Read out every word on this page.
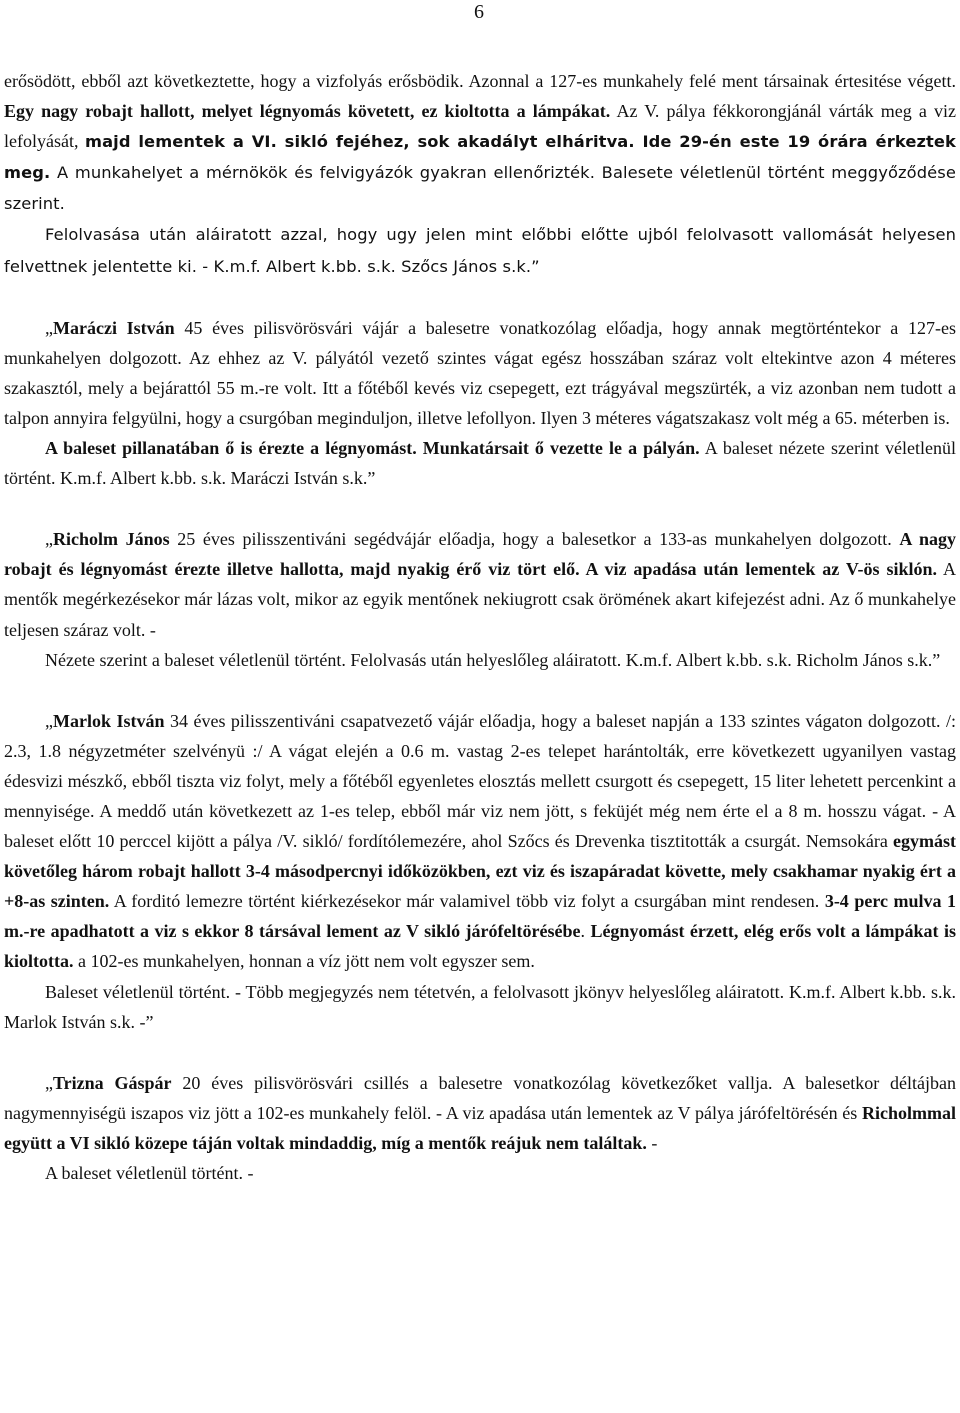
6

erősödött, ebből azt következtette, hogy a vizfolyás erősbödik. Azonnal a 127-es munkahely felé ment társainak értesitése végett. Egy nagy robajt hallott, melyet légnyomás követett, ez kioltotta a lámpákat. Az V. pálya fékkorongjánál várták meg a viz lefolyását, majd lementek a VI. sikló fejéhez, sok akadályt elháritva. Ide 29-én este 19 órára érkeztek meg. A munkahelyet a mérnökök és felvigyázók gyakran ellenőrizték. Balesete véletlenül történt meggyőződése szerint.

Felolvasása után aláiratott azzal, hogy ugy jelen mint előbbi előtte ujból felolvasott vallomását helyesen felvettnek jelentette ki. - K.m.f. Albert k.bb. s.k. Szőcs János s.k.”

„Maráczi István 45 éves pilisvörösvári vájár a balesetre vonatkozólag előadja, hogy annak megtörténtekor a 127-es munkahelyen dolgozott. Az ehhez az V. pályától vezető szintes vágat egész hosszában száraz volt eltekintve azon 4 méteres szakasztól, mely a bejárattól 55 m.-re volt. Itt a főtéből kevés viz csepegett, ezt trágyával megszürték, a viz azonban nem tudott a talpon annyira felgyülni, hogy a csurgóban meginduljon, illetve lefollyon. Ilyen 3 méteres vágatszakasz volt még a 65. méterben is.

A baleset pillanatában ő is érezte a légnyomást. Munkatársait ő vezette le a pályán. A baleset nézete szerint véletlenül történt. K.m.f. Albert k.bb. s.k. Maráczi István s.k.”

„Richolm János 25 éves pilisszentiváni segédvájár előadja, hogy a balesetkor a 133-as munkahelyen dolgozott. A nagy robajt és légnyomást érezte illetve hallotta, majd nyakig érő viz tört elő. A viz apadása után lementek az V-ös siklón. A mentők megérkezésekor már lázas volt, mikor az egyik mentőnek nekiugrott csak örömének akart kifejezést adni. Az ő munkahelye teljesen száraz volt. -

Nézete szerint a baleset véletlenül történt. Felolvasás után helyeslőleg aláiratott. K.m.f. Albert k.bb. s.k. Richolm János s.k.”

„Marlok István 34 éves pilisszentiváni csapatvezető vájár előadja, hogy a baleset napján a 133 szintes vágaton dolgozott. /: 2.3, 1.8 négyzetméter szelvényü :/ A vágat elején a 0.6 m. vastag 2-es telepet harántolták, erre következett ugyanilyen vastag édesvizi mészkő, ebből tiszta viz folyt, mely a főtéből egyenletes elosztás mellett csurgott és csepegett, 15 liter lehetett percenkint a mennyisége. A meddő után következett az 1-es telep, ebből már viz nem jött, s feküjét még nem érte el a 8 m. hosszu vágat. - A baleset előtt 10 perccel kijött a pálya /V. sikló/ fordítólemezére, ahol Szőcs és Drevenka tisztitották a csurgát. Nemsokára egymást követőleg három robajt hallott 3-4 másodpercnyi időközökben, ezt viz és iszapáradat követte, mely csakhamar nyakig ért a +8-as szinten. A forditó lemezre történt kiérkezésekor már valamivel több viz folyt a csurgában mint rendesen. 3-4 perc mulva 1 m.-re apadhatott a viz s ekkor 8 társával lement az V sikló járófeltörésébe. Légnyomást érzett, elég erős volt a lámpákat is kioltotta. a 102-es munkahelyen, honnan a víz jött nem volt egyszer sem.

Baleset véletlenül történt. - Több megjegyzés nem tétetvén, a felolvasott jkönyv helyeslőleg aláiratott. K.m.f. Albert k.bb. s.k. Marlok István s.k. -”

„Trizna Gáspár 20 éves pilisvörösvári csillés a balesetre vonatkozólag következőket vallja. A balesetkor déltájban nagymennyiségü iszapos viz jött a 102-es munkahely felöl. - A viz apadása után lementek az V pálya járófeltörésén és Richolmmal együtt a VI sikló közepe táján voltak mindaddig, míg a mentők reájuk nem találtak. -

A baleset véletlenül történt. -
